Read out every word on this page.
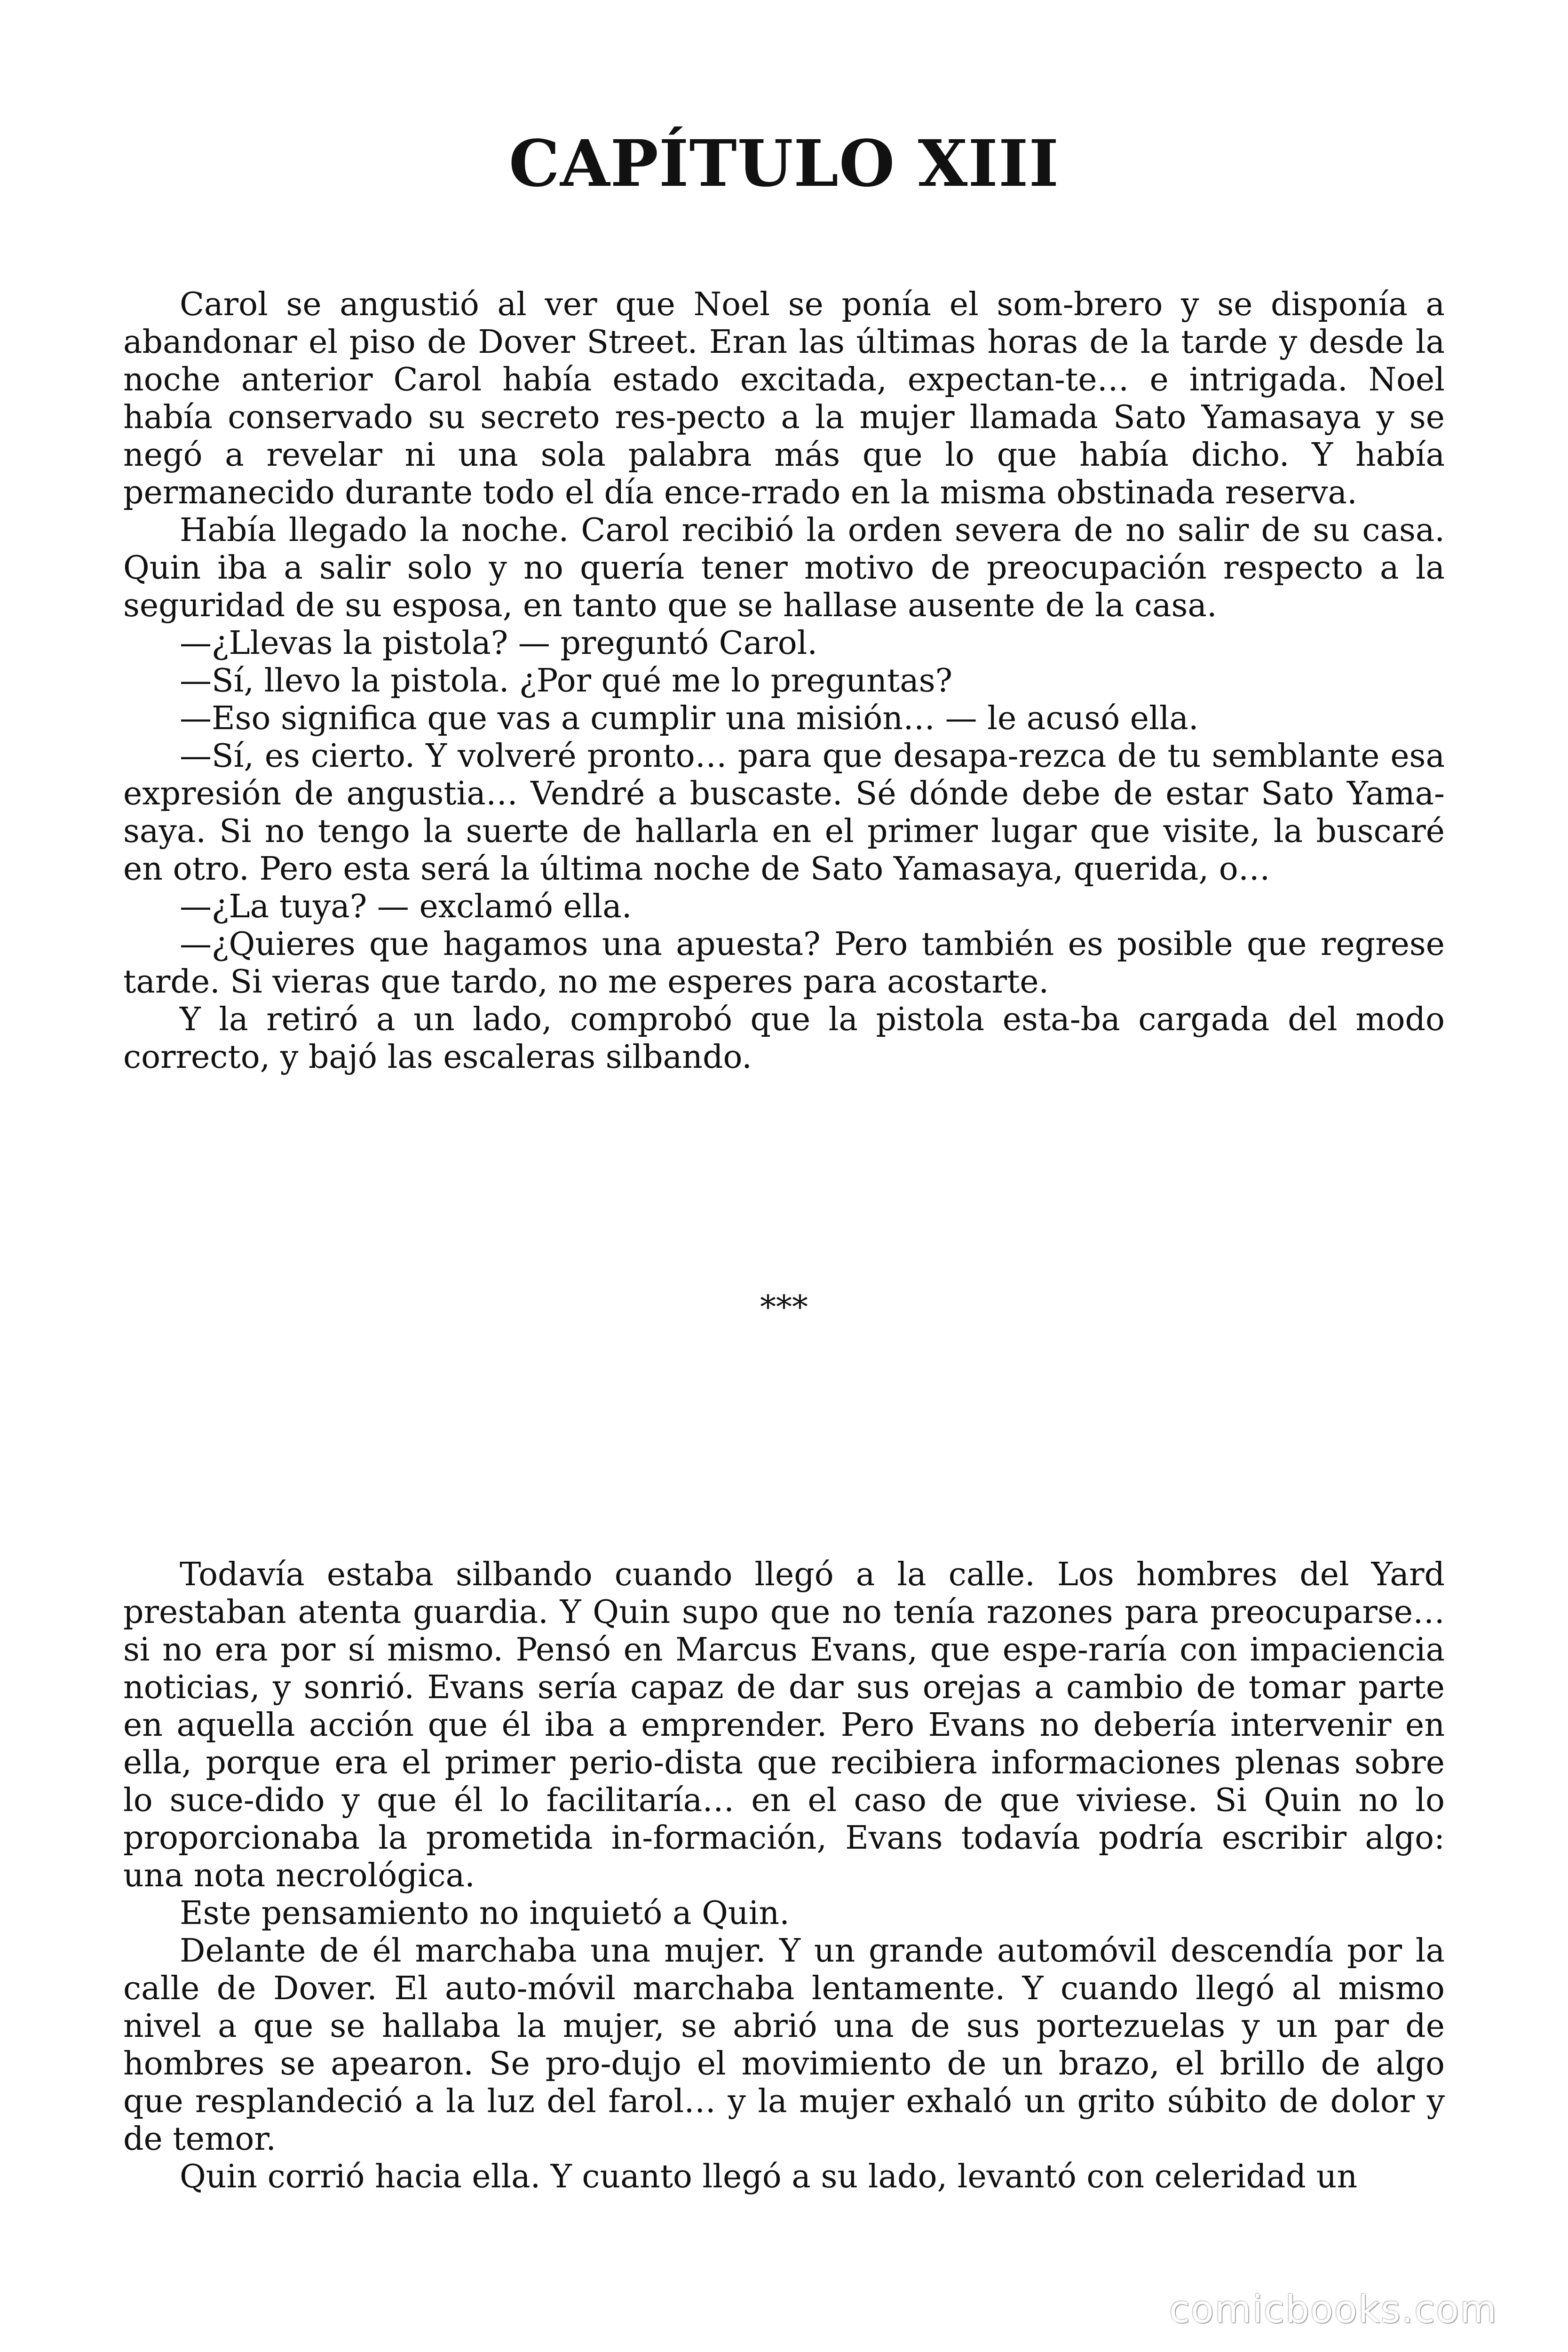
CAPÍTULO XIII

Carol se angustió al ver que Noel se ponía el som-brero y se disponía a abandonar el piso de Dover Street. Eran las últimas horas de la tarde y desde la noche anterior Carol había estado excitada, expectan-te… e intrigada. Noel había conservado su secreto res-pecto a la mujer llamada Sato Yamasaya y se negó a revelar ni una sola palabra más que lo que había dicho. Y había permanecido durante todo el día ence-rrado en la misma obstinada reserva.

Había llegado la noche. Carol recibió la orden severa de no salir de su casa. Quin iba a salir solo y no quería tener motivo de preocupación respecto a la seguridad de su esposa, en tanto que se hallase ausente de la casa.

—¿Llevas la pistola? — preguntó Carol.

—Sí, llevo la pistola. ¿Por qué me lo preguntas?

—Eso significa que vas a cumplir una misión… — le acusó ella.

—Sí, es cierto. Y volveré pronto… para que desapa-rezca de tu semblante esa expresión de angustia… Vendré a buscaste. Sé dónde debe de estar Sato Yama-saya. Si no tengo la suerte de hallarla en el primer lugar que visite, la buscaré en otro. Pero esta será la última noche de Sato Yamasaya, querida, o…

—¿La tuya? — exclamó ella.

—¿Quieres que hagamos una apuesta? Pero también es posible que regrese tarde. Si vieras que tardo, no me esperes para acostarte.

Y la retiró a un lado, comprobó que la pistola esta-ba cargada del modo correcto, y bajó las escaleras silbando.

***

Todavía estaba silbando cuando llegó a la calle. Los hombres del Yard prestaban atenta guardia. Y Quin supo que no tenía razones para preocuparse… si no era por sí mismo. Pensó en Marcus Evans, que espe-raría con impaciencia noticias, y sonrió. Evans sería capaz de dar sus orejas a cambio de tomar parte en aquella acción que él iba a emprender. Pero Evans no debería intervenir en ella, porque era el primer perio-dista que recibiera informaciones plenas sobre lo suce-dido y que él lo facilitaría… en el caso de que viviese. Si Quin no lo proporcionaba la prometida in-formación, Evans todavía podría escribir algo: una nota necrológica.

Este pensamiento no inquietó a Quin.

Delante de él marchaba una mujer. Y un grande automóvil descendía por la calle de Dover. El auto-móvil marchaba lentamente. Y cuando llegó al mismo nivel a que se hallaba la mujer, se abrió una de sus portezuelas y un par de hombres se apearon. Se pro-dujo el movimiento de un brazo, el brillo de algo que resplandeció a la luz del farol… y la mujer exhaló un grito súbito de dolor y de temor.

Quin corrió hacia ella. Y cuanto llegó a su lado, levantó con celeridad un

comicbooks.com
